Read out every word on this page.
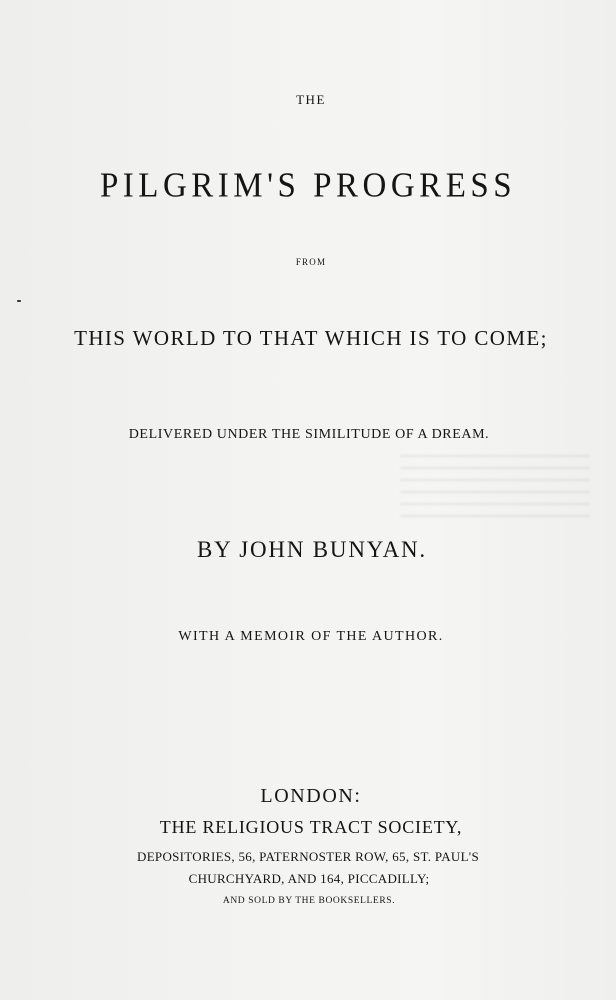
THE
PILGRIM'S PROGRESS
FROM
THIS WORLD TO THAT WHICH IS TO COME;
DELIVERED UNDER THE SIMILITUDE OF A DREAM.
BY JOHN BUNYAN.
WITH A MEMOIR OF THE AUTHOR.
LONDON:
THE RELIGIOUS TRACT SOCIETY,
DEPOSITORIES, 56, PATERNOSTER ROW, 65, ST. PAUL'S
CHURCHYARD, AND 164, PICCADILLY;
AND SOLD BY THE BOOKSELLERS.
